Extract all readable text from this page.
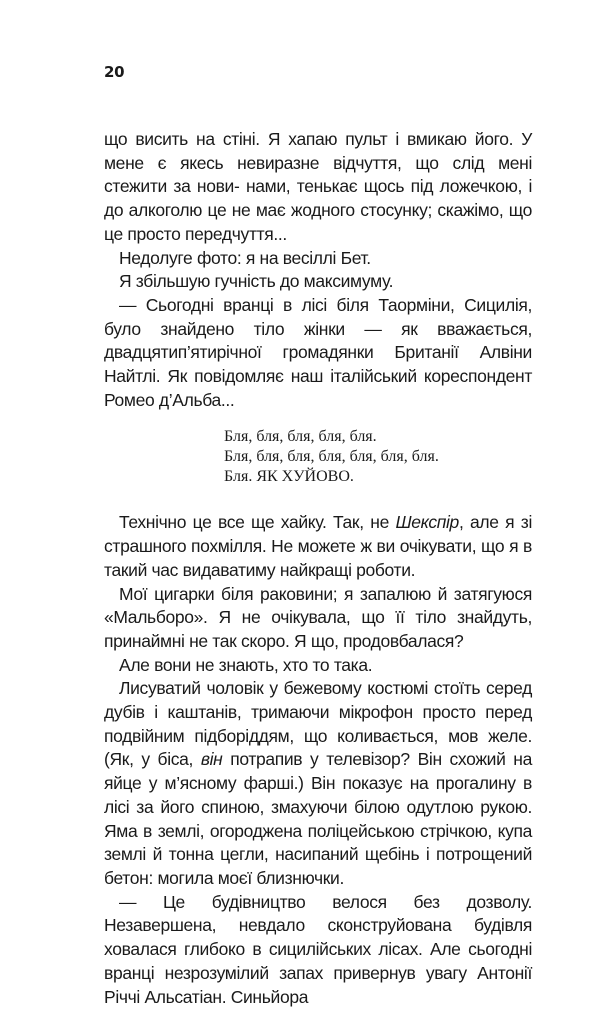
20

що висить на стіні. Я хапаю пульт і вмикаю його. У мене є якесь невиразне відчуття, що слід мені стежити за нови- нами, тенькає щось під ложечкою, і до алкоголю це не має жодного стосунку; скажімо, що це просто передчуття...

Недолуге фото: я на весіллі Бет.

Я збільшую гучність до максимуму.

— Сьогодні вранці в лісі біля Таорміни, Сицилія, було знайдено тіло жінки — як вважається, двадцятип’ятирічної громадянки Британії Алвіни Найтлі. Як повідомляє наш італійський кореспондент Ромео д’Альба...

Бля, бля, бля, бля, бля.

Бля, бля, бля, бля, бля, бля, бля.

Бля. ЯК ХУЙОВО.

Технічно це все ще хайку. Так, не Шекспір, але я зі страшного похмілля. Не можете ж ви очікувати, що я в такий час видаватиму найкращі роботи.

Мої цигарки біля раковини; я запалюю й затягуюся «Мальборо». Я не очікувала, що її тіло знайдуть, принаймні не так скоро. Я що, продовбалася?

Але вони не знають, хто то така.

Лисуватий чоловік у бежевому костюмі стоїть серед дубів і каштанів, тримаючи мікрофон просто перед подвійним підборіддям, що коливається, мов желе. (Як, у біса, він потрапив у телевізор? Він схожий на яйце у м’ясному фарші.) Він показує на прогалину в лісі за його спиною, змахуючи білою одутлою рукою. Яма в землі, огороджена поліцейською стрічкою, купа землі й тонна цегли, насипаний щебінь і потрощений бетон: могила моєї близнючки.

— Це будівництво велося без дозволу. Незавершена, невдало сконструйована будівля ховалася глибоко в сицилійських лісах. Але сьогодні вранці незрозумілий запах привернув увагу Антонії Річчі Альсатіан. Синьйора
